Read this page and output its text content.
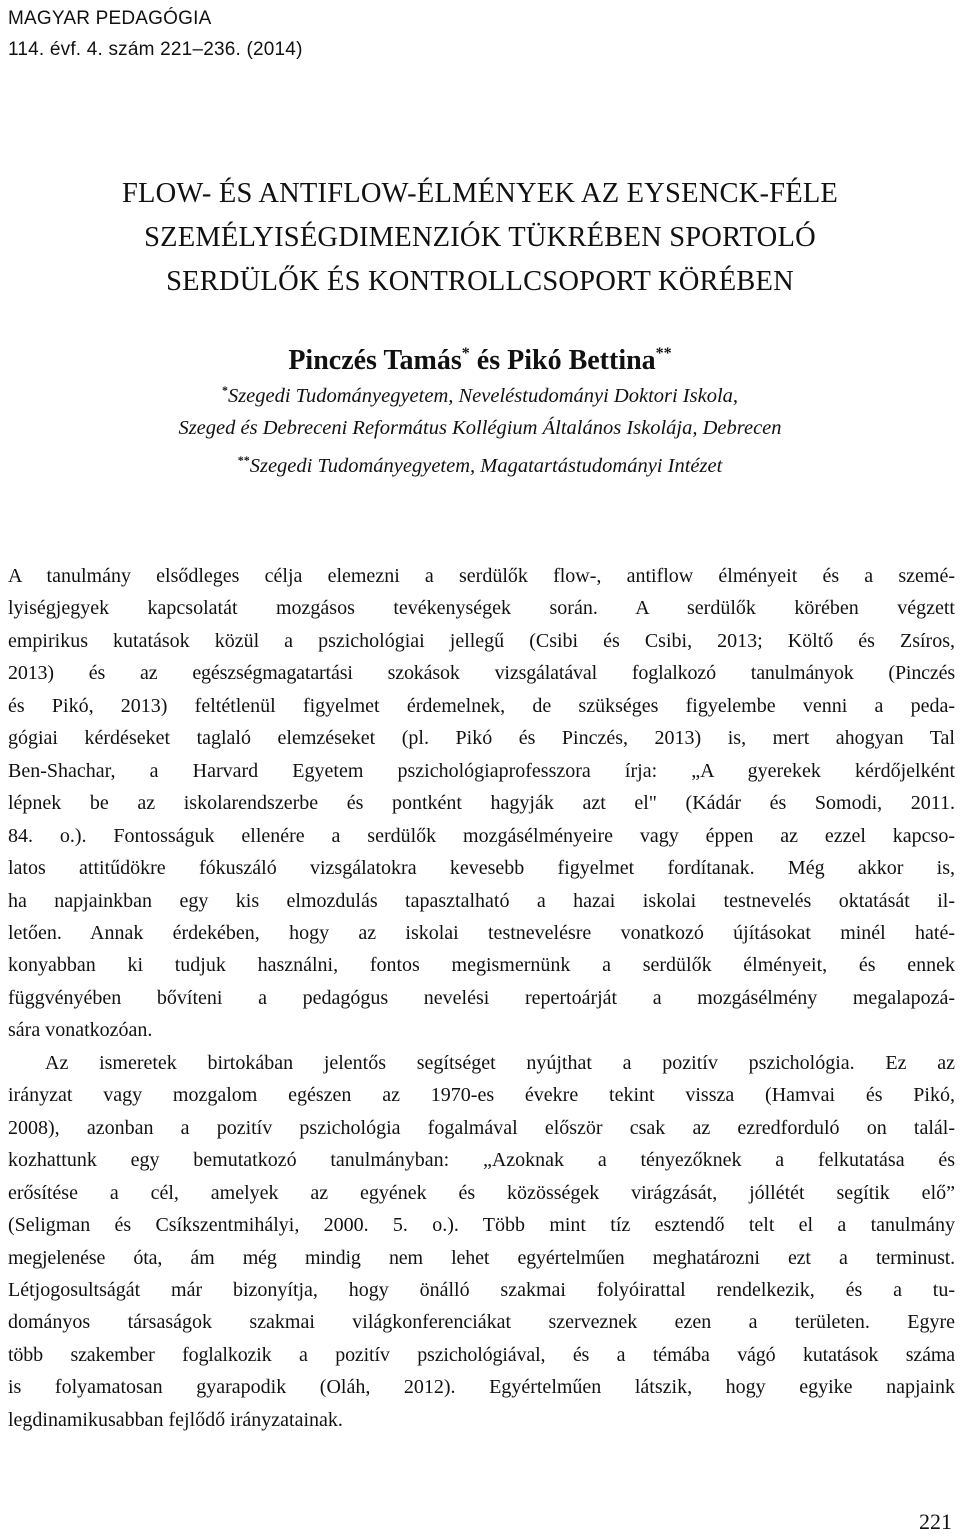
MAGYAR PEDAGÓGIA
114. évf. 4. szám 221–236. (2014)
FLOW- ÉS ANTIFLOW-ÉLMÉNYEK AZ EYSENCK-FÉLE
SZEMÉLYISÉGDIMENZIÓK TÜKRÉBEN SPORTOLÓ
SERDÜLŐK ÉS KONTROLLCSOPORT KÖRÉBEN
Pinczés Tamás* és Pikó Bettina**
*Szegedi Tudományegyetem, Neveléstudományi Doktori Iskola,
Szeged és Debreceni Református Kollégium Általános Iskolája, Debrecen
**Szegedi Tudományegyetem, Magatartástudományi Intézet
A tanulmány elsődleges célja elemezni a serdülők flow-, antiflow élményeit és a szemé-
lyiségjegyek kapcsolatát mozgásos tevékenységek során. A serdülők körében végzett
empirikus kutatások közül a pszichológiai jellegű (Csibi és Csibi, 2013; Költő és Zsíros,
2013) és az egészségmagatartási szokások vizsgálatával foglalkozó tanulmányok (Pinczés
és Pikó, 2013) feltétlenül figyelmet érdemelnek, de szükséges figyelembe venni a peda-
gógiai kérdéseket taglaló elemzéseket (pl. Pikó és Pinczés, 2013) is, mert ahogyan Tal
Ben-Shachar, a Harvard Egyetem pszichológiaprofesszora írja: „A gyerekek kérdőjelként
lépnek be az iskolarendszerbe és pontként hagyják azt el" (Kádár és Somodi, 2011.
84. o.). Fontosságuk ellenére a serdülők mozgásélményeire vagy éppen az ezzel kapcso-
latos attitűdökre fókuszáló vizsgálatokra kevesebb figyelmet fordítanak. Még akkor is,
ha napjainkban egy kis elmozdulás tapasztalható a hazai iskolai testnevelés oktatását il-
letően. Annak érdekében, hogy az iskolai testnevelésre vonatkozó újításokat minél haté-
konyabban ki tudjuk használni, fontos megismernünk a serdülők élményeit, és ennek
függvényében bővíteni a pedagógus nevelési repertoárját a mozgásélmény megalapozá-
sára vonatkozóan.
Az ismeretek birtokában jelentős segítséget nyújthat a pozitív pszichológia. Ez az
irányzat vagy mozgalom egészen az 1970-es évekre tekint vissza (Hamvai és Pikó,
2008), azonban a pozitív pszichológia fogalmával először csak az ezredforduló on talál-
kozhattunk egy bemutatkozó tanulmányban: „Azoknak a tényezőknek a felkutatása és
erősítése a cél, amelyek az egyének és közösségek virágzását, jóllétét segítik elő”
(Seligman és Csíkszentmihályi, 2000. 5. o.). Több mint tíz esztendő telt el a tanulmány
megjelenése óta, ám még mindig nem lehet egyértelműen meghatározni ezt a terminust.
Létjogosultságát már bizonyítja, hogy önálló szakmai folyóirattal rendelkezik, és a tu-
dományos társaságok szakmai világkonferenciákat szerveznek ezen a területen. Egyre
több szakember foglalkozik a pozitív pszichológiával, és a témába vágó kutatások száma
is folyamatosan gyarapodik (Oláh, 2012). Egyértelműen látszik, hogy egyike napjaink
legdinamikusabban fejlődő irányzatainak.
221
